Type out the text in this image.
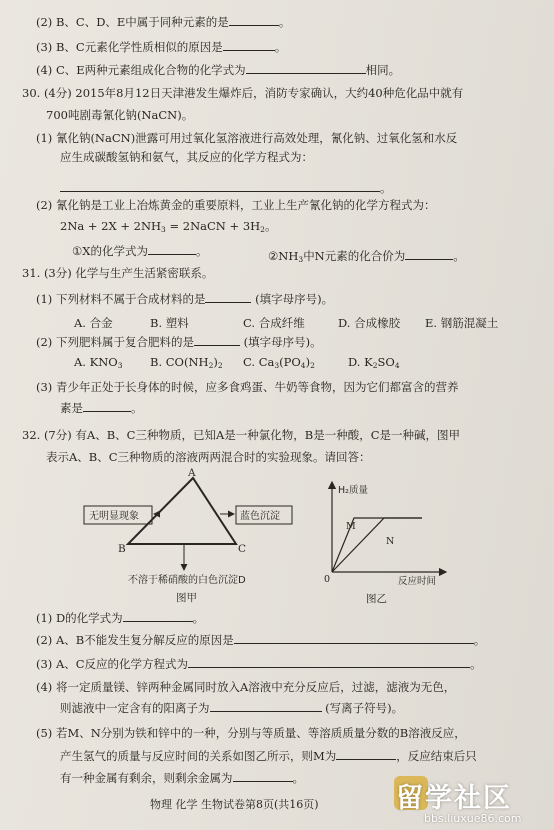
(2) B、C、D、E中属于同种元素的是	。
(3) B、C元素化学性质相似的原因是	。
(4) C、E两种元素组成化合物的化学式为	相同。
30. (4分) 2015年8月12日天津港发生爆炸后，消防专家确认，大约40种危化品中就有
700吨剧毒氰化钠(NaCN)。
(1) 氰化钠(NaCN)泄露可用过氧化氢溶液进行高效处理，氰化钠、过氧化氢和水反
应生成碳酸氢钠和氨气，其反应的化学方程式为：
。
(2) 氰化钠是工业上冶炼黄金的重要原料，工业上生产氰化钠的化学方程式为：
$2Na + 2X + 2NH_3$ = 2NaCN + $3H_2$。
①X的化学式为	。	$②NH_3$中N元素的化合价为	。
31. (3分) 化学与生产生活紧密联系。
(1) 下列材料不属于合成材料的是	(填字母序号)。
A. 合金	B. 塑料	C. 合成纤维	D. 合成橡胶 E. 钢筋混凝土
(2) 下列肥料属于复合肥料的是	(填字母序号)。
A. $KNO_3$ B. $CO(NH_2)_2$ C. $Ca_3(PO_4)_2$	D. $K_2SO_4$
(3) 青少年正处于长身体的时候，应多食鸡蛋、牛奶等食物，因为它们都富含的营养
素是	。
32. (7分) 有A、B、C三种物质，已知A是一种氯化物，B是一种酸，C是一种碱，图甲
表示A、B、C三种物质的溶液两两混合时的实验现象。请回答：
A
B	C
无明显现象	蓝色沉淀
不溶于稀硝酸的白色沉淀D
图甲
H₂质量
反应时间
0
M
N
图乙
(1) D的化学式为	。
(2) A、B不能发生复分解反应的原因是	。
(3) A、C反应的化学方程式为	。
(4) 将一定质量镁、锌两种金属同时放入A溶液中充分反应后，过滤，滤液为无色，
则滤液中一定含有的阳离子为	(写离子符号)。
(5) 若M、N分别为铁和锌中的一种，分别与等质量、等溶质质量分数的B溶液反应，
产生氢气的质量与反应时间的关系如图乙所示，则M为	，反应结束后只
有一种金属有剩余，则剩余金属为	。
物理 化学 生物试卷第8页(共16页)	留学社区
bbs.liuxue86.com
